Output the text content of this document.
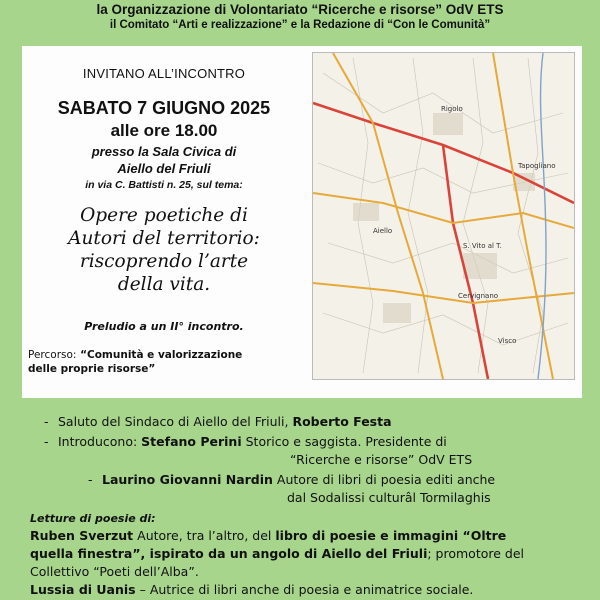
la Organizzazione di Volontariato “Ricerche e risorse” OdV ETS
il Comitato “Arti e realizzazione” e la Redazione di “Con le Comunità”
INVITANO ALL’INCONTRO
SABATO 7 GIUGNO 2025
alle ore 18.00
presso la Sala Civica di
Aiello del Friuli
in via C. Battisti n. 25, sul tema:
Opere poetiche di
Autori del territorio:
riscoprendo l’arte
della vita.
Preludio a un II° incontro.
Percorso: “Comunità e valorizzazione
delle proprie risorse”
Rigolo
Aiello
S. Vito al T.
Cervignano
Tapogliano
Visco
- Saluto del Sindaco di Aiello del Friuli, Roberto Festa
- Introducono: Stefano Perini Storico e saggista. Presidente di
“Ricerche e risorse” OdV ETS
- Laurino Giovanni Nardin Autore di libri di poesia editi anche
dal Sodalissi culturâl Tormilaghis
Letture di poesie di:
Ruben Sverzut Autore, tra l’altro, del libro di poesie e immagini “Oltre
quella finestra”, ispirato da un angolo di Aiello del Friuli; promotore del
Collettivo “Poeti dell’Alba”.
Lussia di Uanis – Autrice di libri anche di poesia e animatrice sociale.
